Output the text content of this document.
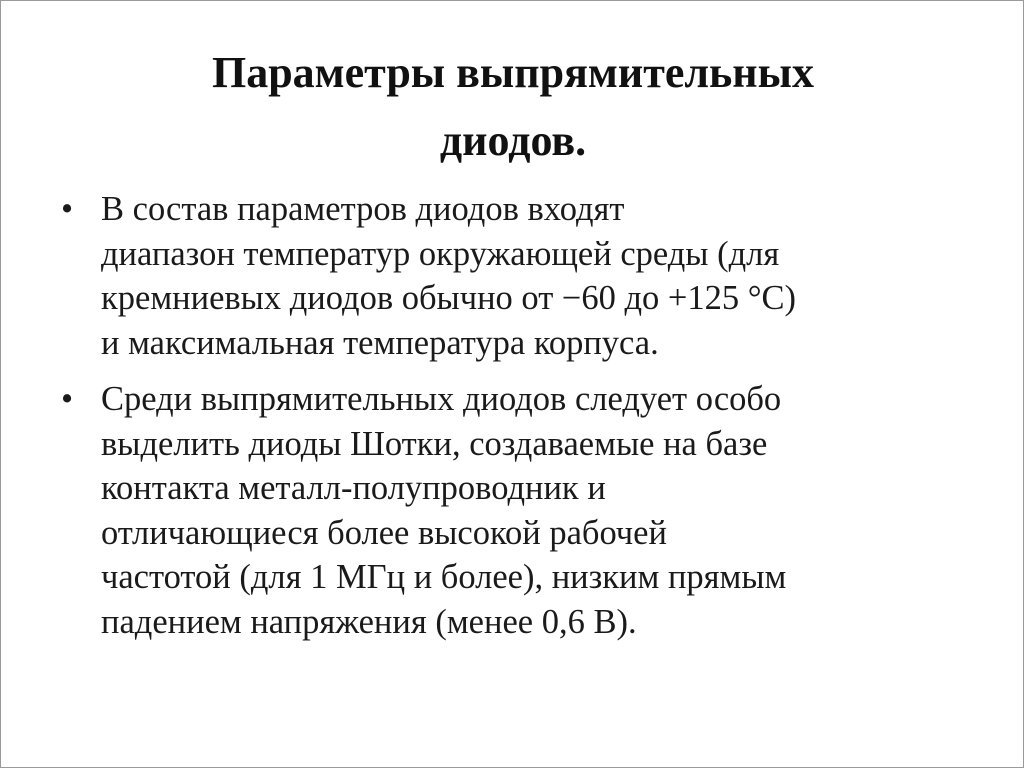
Параметры выпрямительных
диодов.
• В состав параметров диодов входят
диапазон температур окружающей среды (для
кремниевых диодов обычно от −60 до +125 °С)
и максимальная температура корпуса.
• Среди выпрямительных диодов следует особо
выделить диоды Шотки, создаваемые на базе
контакта металл-полупроводник и
отличающиеся более высокой рабочей
частотой (для 1 МГц и более), низким прямым
падением напряжения (менее 0,6 В).
